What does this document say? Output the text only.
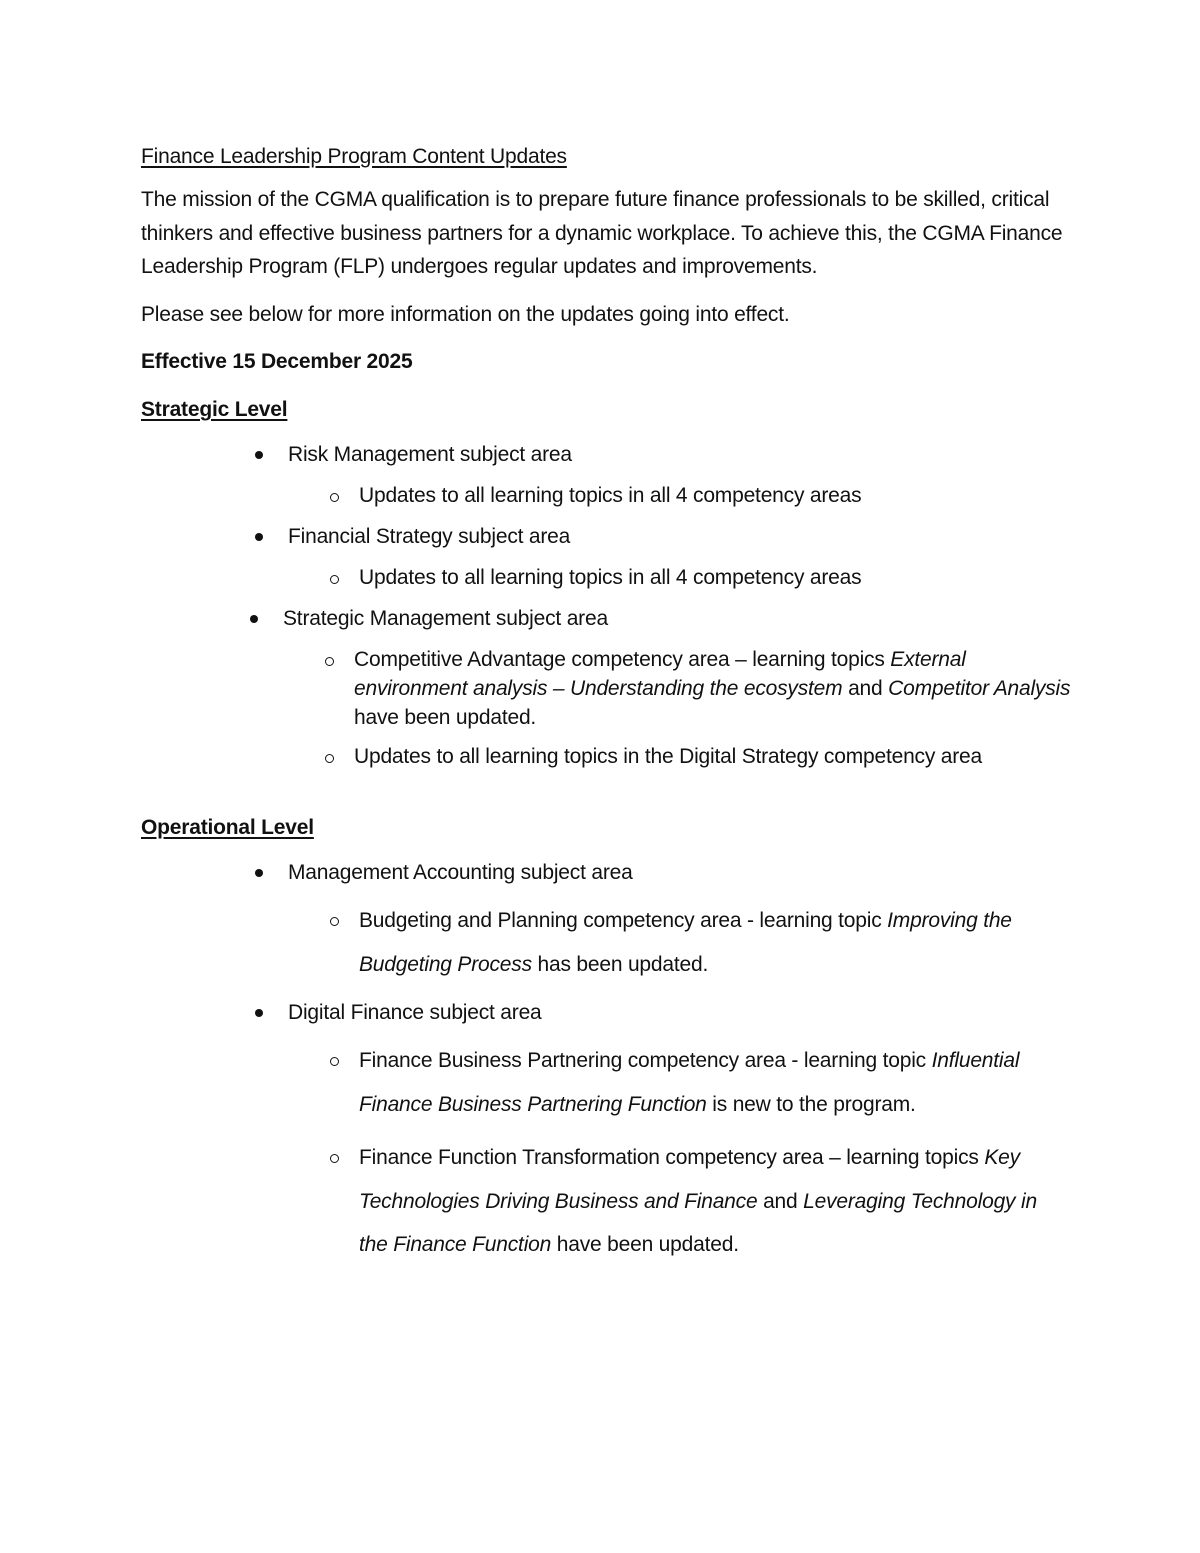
Finance Leadership Program Content Updates

The mission of the CGMA qualification is to prepare future finance professionals to be skilled, critical thinkers and effective business partners for a dynamic workplace. To achieve this, the CGMA Finance Leadership Program (FLP) undergoes regular updates and improvements.

Please see below for more information on the updates going into effect.

Effective 15 December 2025
Strategic Level
Risk Management subject area
Updates to all learning topics in all 4 competency areas
Financial Strategy subject area
Updates to all learning topics in all 4 competency areas
Strategic Management subject area
Competitive Advantage competency area – learning topics External environment analysis – Understanding the ecosystem and Competitor Analysis have been updated.
Updates to all learning topics in the Digital Strategy competency area
Operational Level
Management Accounting subject area
Budgeting and Planning competency area - learning topic Improving the Budgeting Process has been updated.
Digital Finance subject area
Finance Business Partnering competency area - learning topic Influential Finance Business Partnering Function is new to the program.
Finance Function Transformation competency area – learning topics Key Technologies Driving Business and Finance and Leveraging Technology in the Finance Function have been updated.
